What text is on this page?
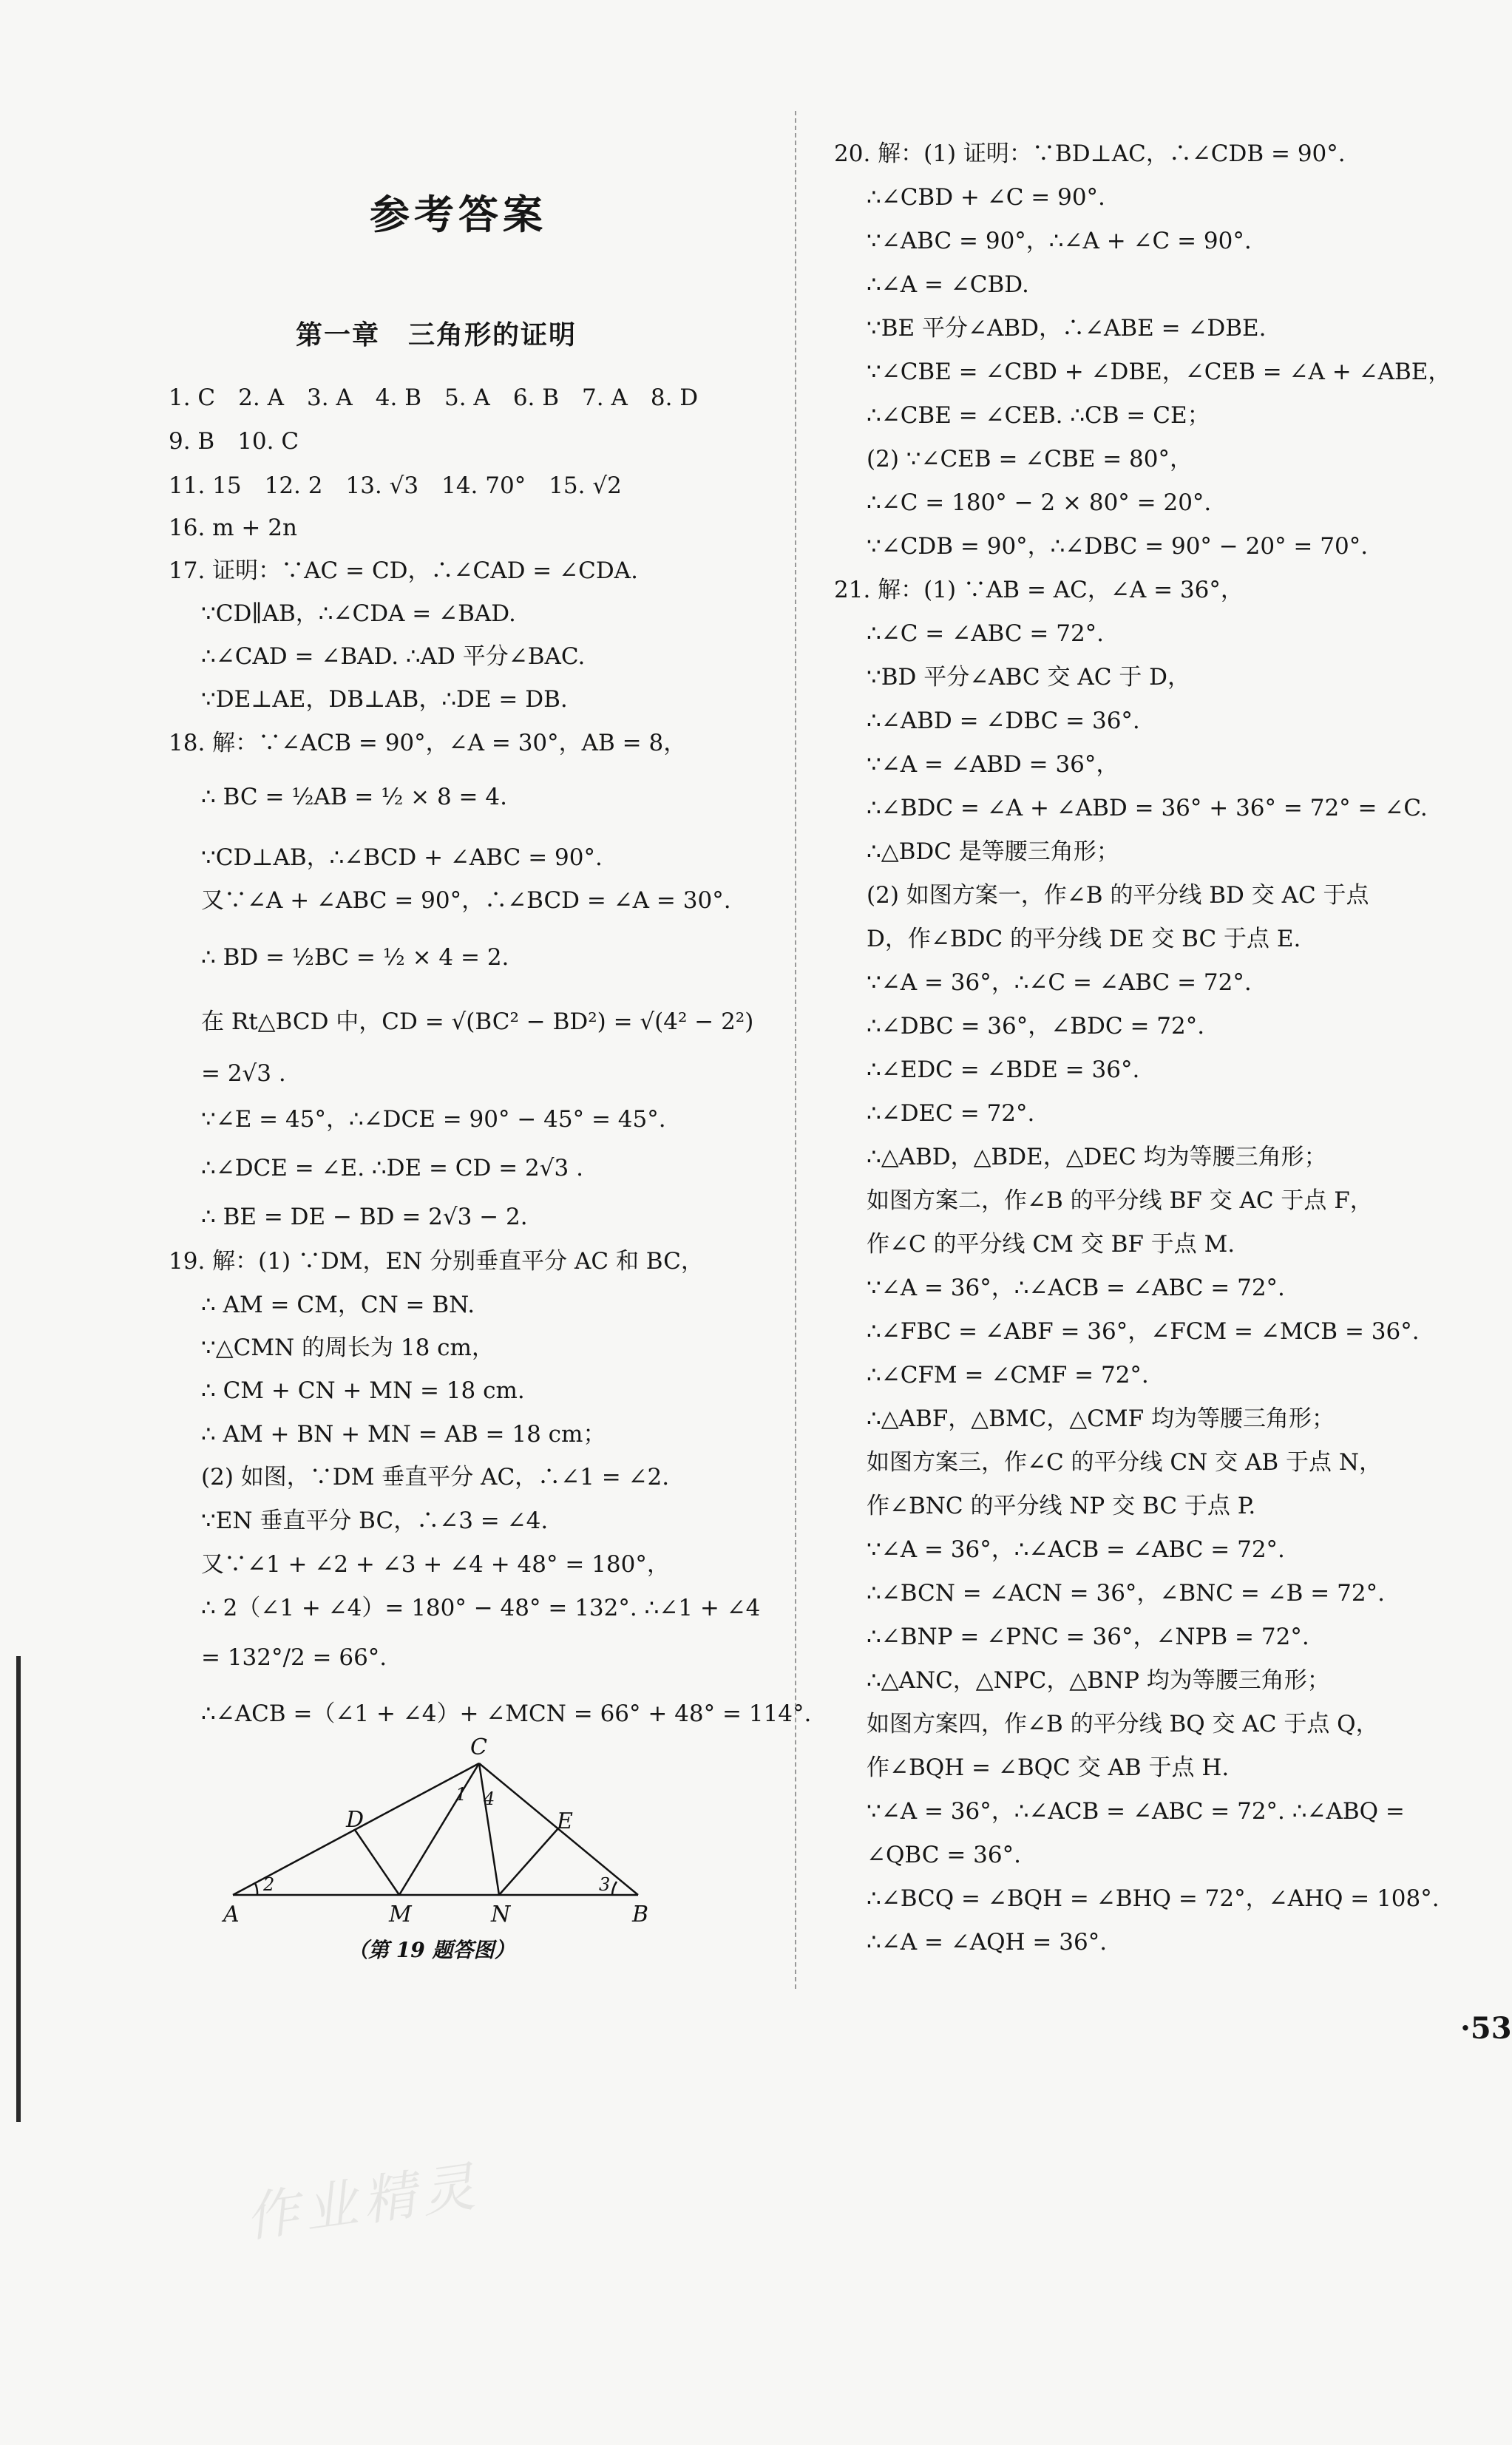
参考答案
第一章　三角形的证明
1. C　2. A　3. A　4. B　5. A　6. B　7. A　8. D
9. B　10. C
11. 15　12. 2　13. √3　14. 70°　15. √2
16. m + 2n
17. 证明：∵AC = CD，∴∠CAD = ∠CDA.
∵CD∥AB，∴∠CDA = ∠BAD.
∴∠CAD = ∠BAD. ∴AD 平分∠BAC.
∵DE⊥AE，DB⊥AB，∴DE = DB.
18. 解：∵∠ACB = 90°，∠A = 30°，AB = 8，
∴ BC = ½AB = ½ × 8 = 4.
∵CD⊥AB，∴∠BCD + ∠ABC = 90°.
又∵∠A + ∠ABC = 90°，∴∠BCD = ∠A = 30°.
∴ BD = ½BC = ½ × 4 = 2.
在 Rt△BCD 中，CD = √(BC² − BD²) = √(4² − 2²)
= 2√3 .
∵∠E = 45°，∴∠DCE = 90° − 45° = 45°.
∴∠DCE = ∠E. ∴DE = CD = 2√3 .
∴ BE = DE − BD = 2√3 − 2.
19. 解：(1) ∵DM，EN 分别垂直平分 AC 和 BC，
∴ AM = CM，CN = BN.
∵△CMN 的周长为 18 cm，
∴ CM + CN + MN = 18 cm.
∴ AM + BN + MN = AB = 18 cm；
(2) 如图，∵DM 垂直平分 AC，∴∠1 = ∠2.
∵EN 垂直平分 BC，∴∠3 = ∠4.
又∵∠1 + ∠2 + ∠3 + ∠4 + 48° = 180°，
∴ 2（∠1 + ∠4）= 180° − 48° = 132°. ∴∠1 + ∠4
= 132°/2 = 66°.
∴∠ACB =（∠1 + ∠4）+ ∠MCN = 66° + 48° = 114°.
C
D	E
A	M	N	B
1 4
2	3
（第 19 题答图）
20. 解：(1) 证明：∵BD⊥AC，∴∠CDB = 90°.
∴∠CBD + ∠C = 90°.
∵∠ABC = 90°，∴∠A + ∠C = 90°.
∴∠A = ∠CBD.
∵BE 平分∠ABD，∴∠ABE = ∠DBE.
∵∠CBE = ∠CBD + ∠DBE，∠CEB = ∠A + ∠ABE，
∴∠CBE = ∠CEB. ∴CB = CE；
(2) ∵∠CEB = ∠CBE = 80°，
∴∠C = 180° − 2 × 80° = 20°.
∵∠CDB = 90°，∴∠DBC = 90° − 20° = 70°.
21. 解：(1) ∵AB = AC，∠A = 36°，
∴∠C = ∠ABC = 72°.
∵BD 平分∠ABC 交 AC 于 D，
∴∠ABD = ∠DBC = 36°.
∵∠A = ∠ABD = 36°，
∴∠BDC = ∠A + ∠ABD = 36° + 36° = 72° = ∠C.
∴△BDC 是等腰三角形；
(2) 如图方案一，作∠B 的平分线 BD 交 AC 于点
D，作∠BDC 的平分线 DE 交 BC 于点 E.
∵∠A = 36°，∴∠C = ∠ABC = 72°.
∴∠DBC = 36°，∠BDC = 72°.
∴∠EDC = ∠BDE = 36°.
∴∠DEC = 72°.
∴△ABD，△BDE，△DEC 均为等腰三角形；
如图方案二，作∠B 的平分线 BF 交 AC 于点 F，
作∠C 的平分线 CM 交 BF 于点 M.
∵∠A = 36°，∴∠ACB = ∠ABC = 72°.
∴∠FBC = ∠ABF = 36°，∠FCM = ∠MCB = 36°.
∴∠CFM = ∠CMF = 72°.
∴△ABF，△BMC，△CMF 均为等腰三角形；
如图方案三，作∠C 的平分线 CN 交 AB 于点 N，
作∠BNC 的平分线 NP 交 BC 于点 P.
∵∠A = 36°，∴∠ACB = ∠ABC = 72°.
∴∠BCN = ∠ACN = 36°，∠BNC = ∠B = 72°.
∴∠BNP = ∠PNC = 36°，∠NPB = 72°.
∴△ANC，△NPC，△BNP 均为等腰三角形；
如图方案四，作∠B 的平分线 BQ 交 AC 于点 Q，
作∠BQH = ∠BQC 交 AB 于点 H.
∵∠A = 36°，∴∠ACB = ∠ABC = 72°. ∴∠ABQ =
∠QBC = 36°.
∴∠BCQ = ∠BQH = ∠BHQ = 72°，∠AHQ = 108°.
∴∠A = ∠AQH = 36°.
作业精灵
·53
